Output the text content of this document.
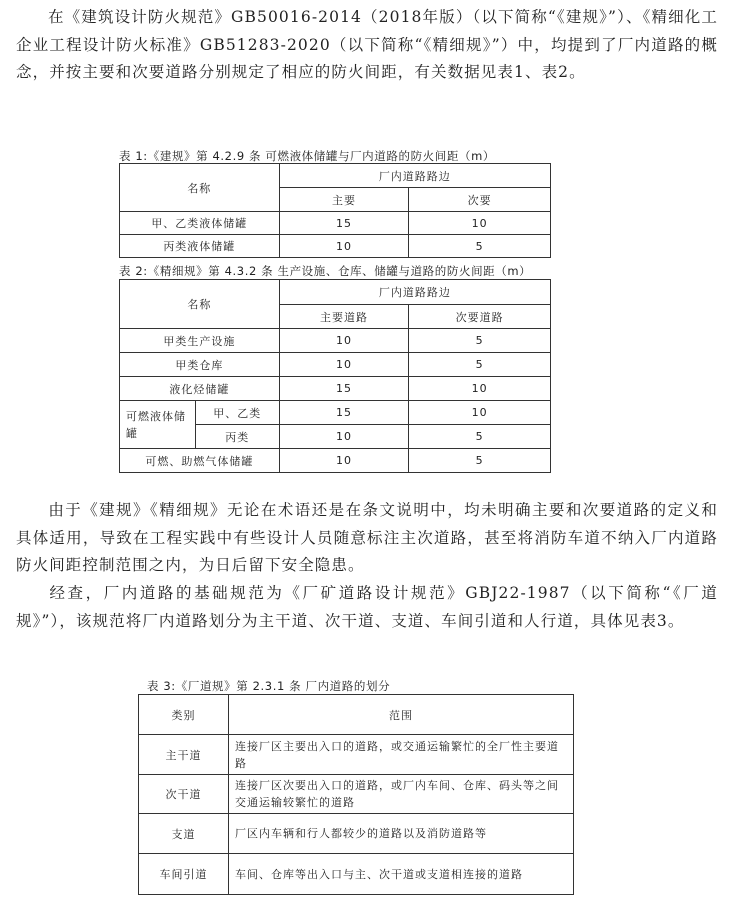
在《建筑设计防火规范》GB50016-2014（2018年版）（以下简称“《建规》”）、《精细化工企业工程设计防火标准》GB51283-2020（以下简称“《精细规》”）中，均提到了厂内道路的概念，并按主要和次要道路分别规定了相应的防火间距，有关数据见表1、表2。

表 1:《建规》第 4.2.9 条 可燃液体储罐与厂内道路的防火间距（m）
名称	厂内道路路边	
	主要	次要
甲、乙类液体储罐	15	10
丙类液体储罐	10	5
表 2:《精细规》第 4.3.2 条 生产设施、仓库、储罐与道路的防火间距（m）
名称		厂内道路路边	
		主要道路	次要道路
甲类生产设施		10	5
甲类仓库		10	5
液化烃储罐		15	10
可燃液体储罐	甲、乙类	15	10
	丙类	10	5
可燃、助燃气体储罐		10	5

由于《建规》《精细规》无论在术语还是在条文说明中，均未明确主要和次要道路的定义和具体适用，导致在工程实践中有些设计人员随意标注主次道路，甚至将消防车道不纳入厂内道路防火间距控制范围之内，为日后留下安全隐患。

经查，厂内道路的基础规范为《厂矿道路设计规范》GBJ22-1987（以下简称“《厂道规》”），该规范将厂内道路划分为主干道、次干道、支道、车间引道和人行道，具体见表3。

表 3:《厂道规》第 2.3.1 条 厂内道路的划分
类别	范围
主干道	连接厂区主要出入口的道路，或交通运输繁忙的全厂性主要道路
次干道	连接厂区次要出入口的道路，或厂内车间、仓库、码头等之间交通运输较繁忙的道路
支道	厂区内车辆和行人都较少的道路以及消防道路等
车间引道	车间、仓库等出入口与主、次干道或支道相连接的道路
